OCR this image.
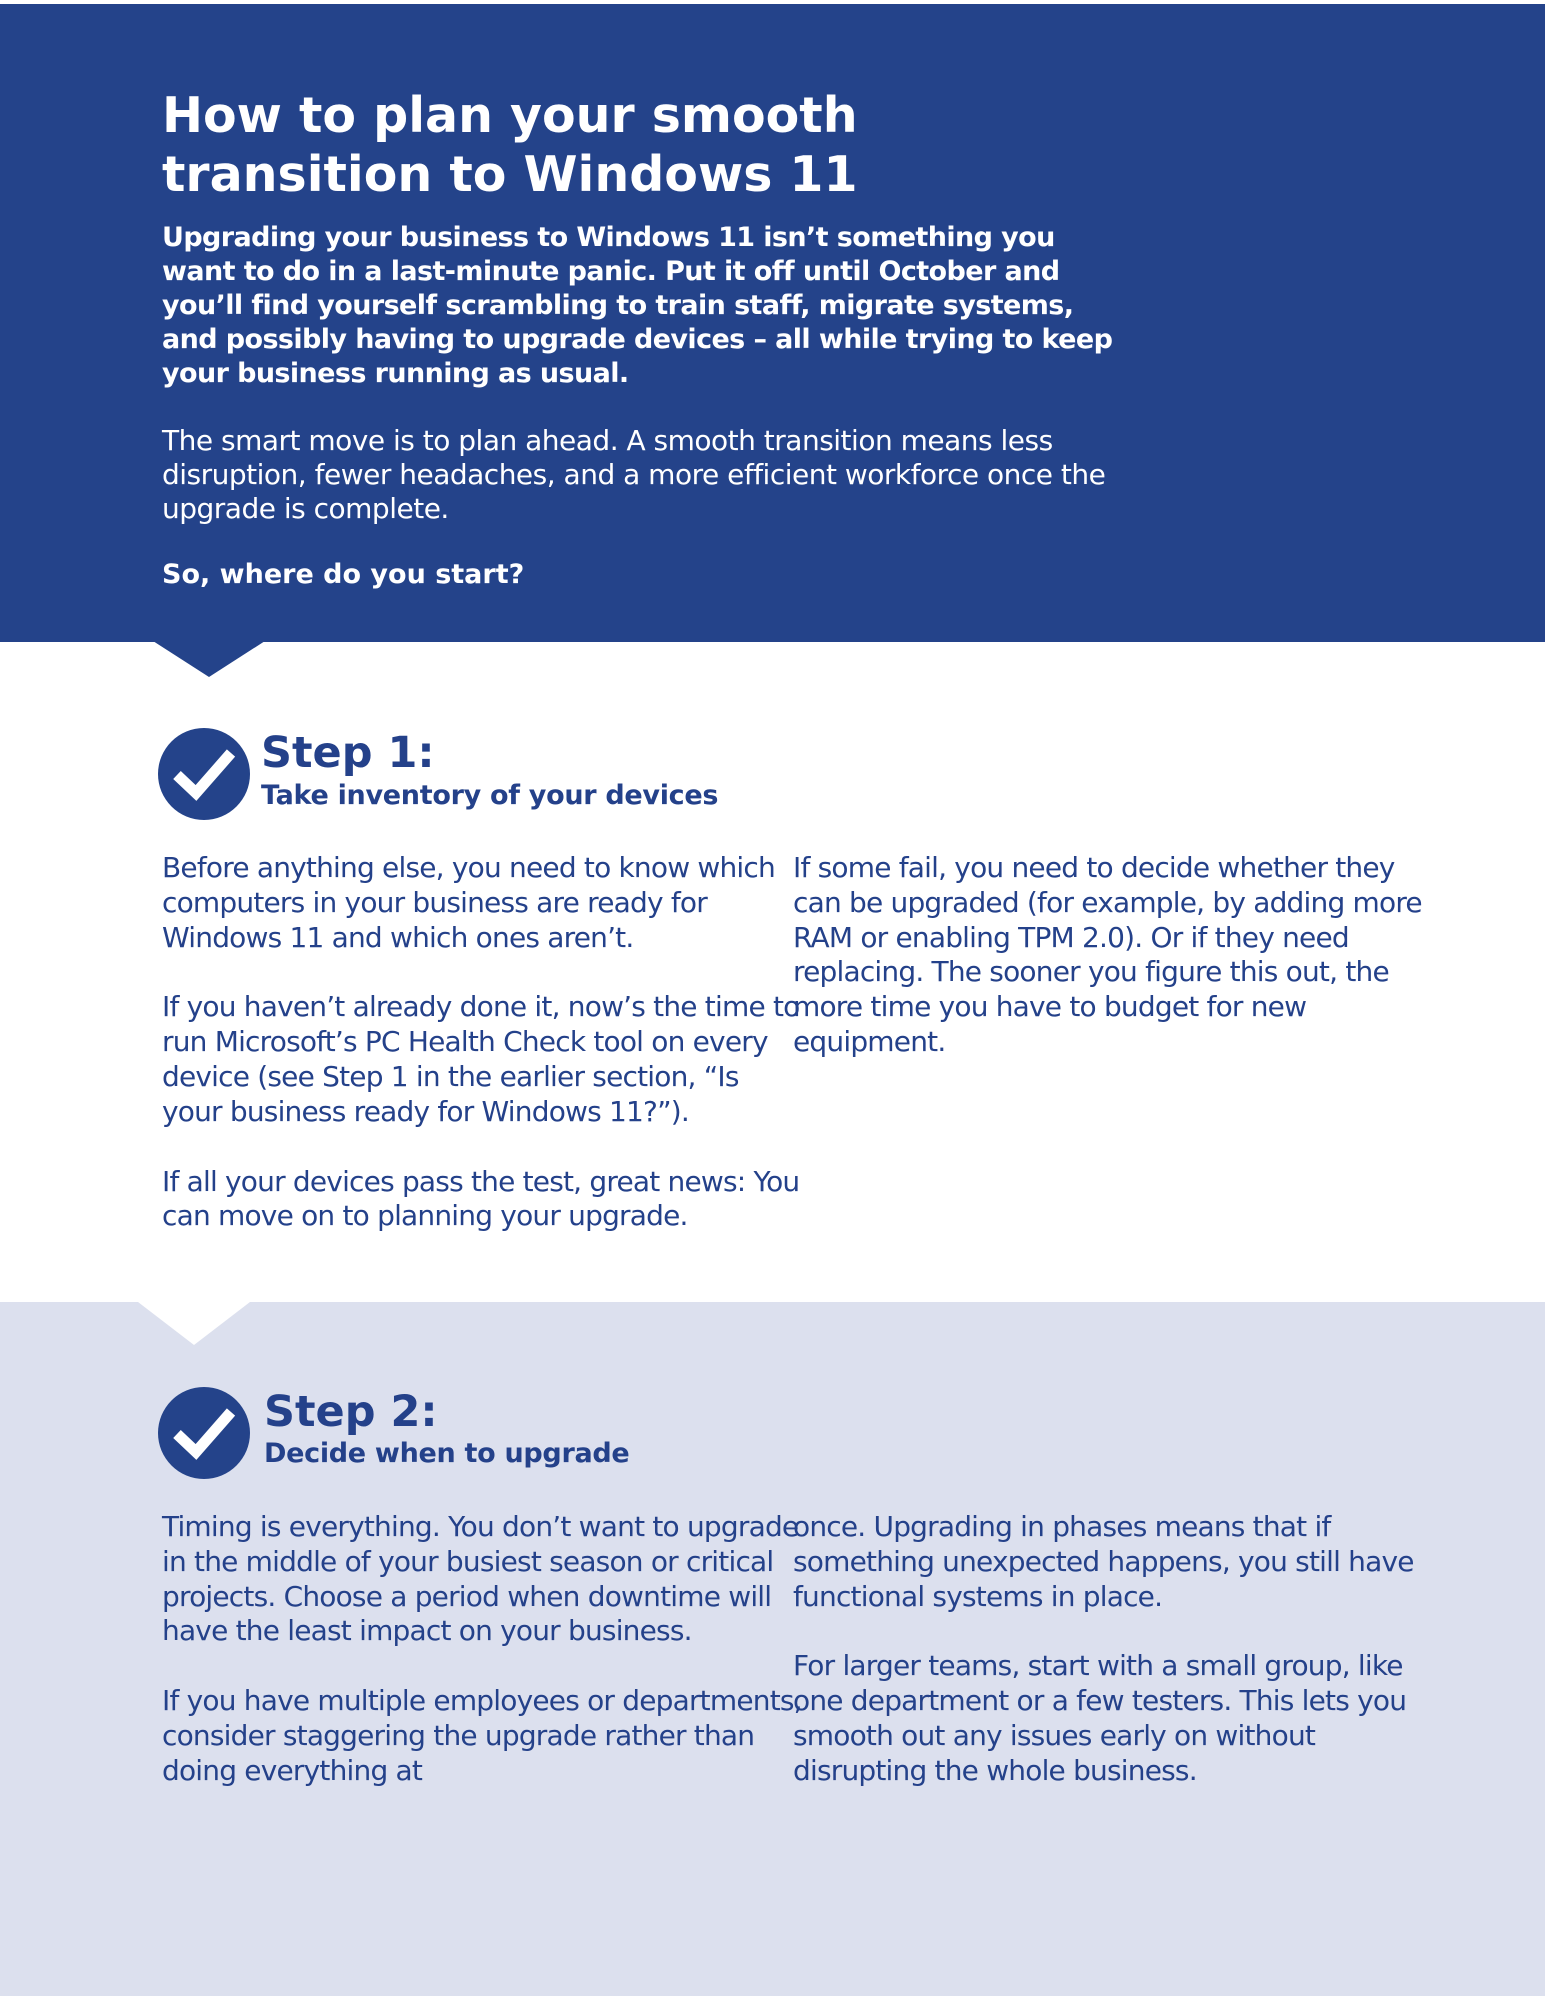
How to plan your smooth transition to Windows 11

Upgrading your business to Windows 11 isn’t something you want to do in a last-minute panic. Put it off until October and you’ll find yourself scrambling to train staff, migrate systems, and possibly having to upgrade devices – all while trying to keep your business running as usual.

The smart move is to plan ahead. A smooth transition means less disruption, fewer headaches, and a more efficient workforce once the upgrade is complete.

So, where do you start?

Step 1:
Take inventory of your devices

Before anything else, you need to know which computers in your business are ready for Windows 11 and which ones aren’t.

If you haven’t already done it, now’s the time to run Microsoft’s PC Health Check tool on every device (see Step 1 in the earlier section, “Is your business ready for Windows 11?”).

If all your devices pass the test, great news: You can move on to planning your upgrade.

If some fail, you need to decide whether they can be upgraded (for example, by adding more RAM or enabling TPM 2.0). Or if they need replacing. The sooner you figure this out, the more time you have to budget for new equipment.

Step 2:
Decide when to upgrade

Timing is everything. You don’t want to upgrade in the middle of your busiest season or critical projects. Choose a period when downtime will have the least impact on your business.

If you have multiple employees or departments, consider staggering the upgrade rather than doing everything at

once. Upgrading in phases means that if something unexpected happens, you still have functional systems in place.

For larger teams, start with a small group, like one department or a few testers. This lets you smooth out any issues early on without disrupting the whole business.
